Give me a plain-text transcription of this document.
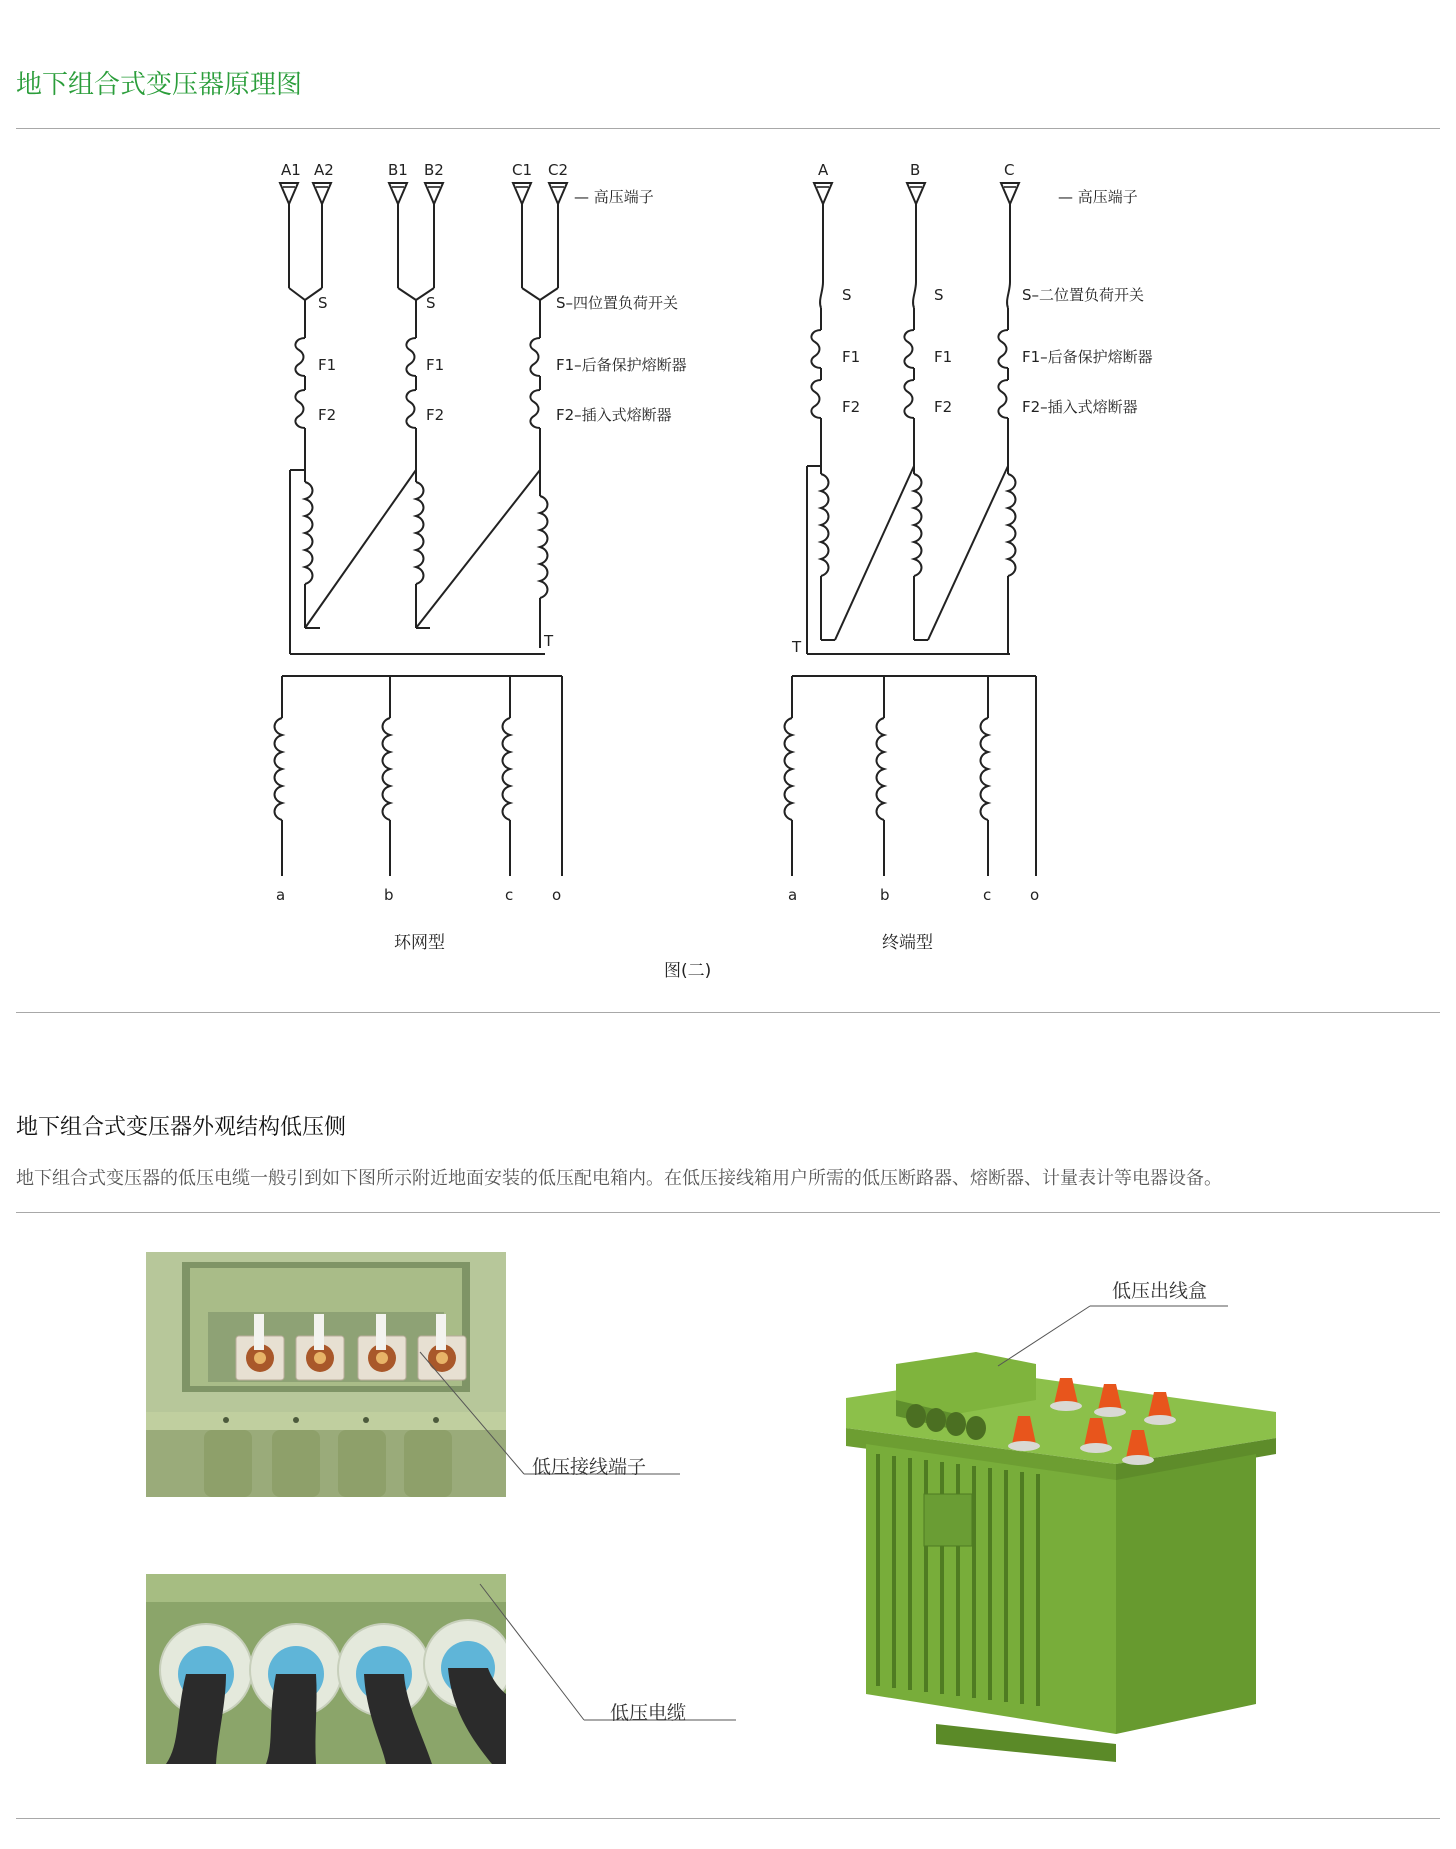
地下组合式变压器原理图
A1 A2	B1 B2	C1 C2
— 高压端子
S	S	S–四位置负荷开关
F1	F1	F1–后备保护熔断器
F2	F2	F2–插入式熔断器
T
a	b	c	o
环网型
A	B	C
— 高压端子
S	S	S–二位置负荷开关
F1	F1	F1–后备保护熔断器
F2	F2	F2–插入式熔断器
T
a	b	c	o
终端型
图(二)
地下组合式变压器外观结构低压侧
地下组合式变压器的低压电缆一般引到如下图所示附近地面安装的低压配电箱内。在低压接线箱用户所需的低压断路器、熔断器、计量表计等电器设备。
低压接线端子
低压电缆
低压出线盒
